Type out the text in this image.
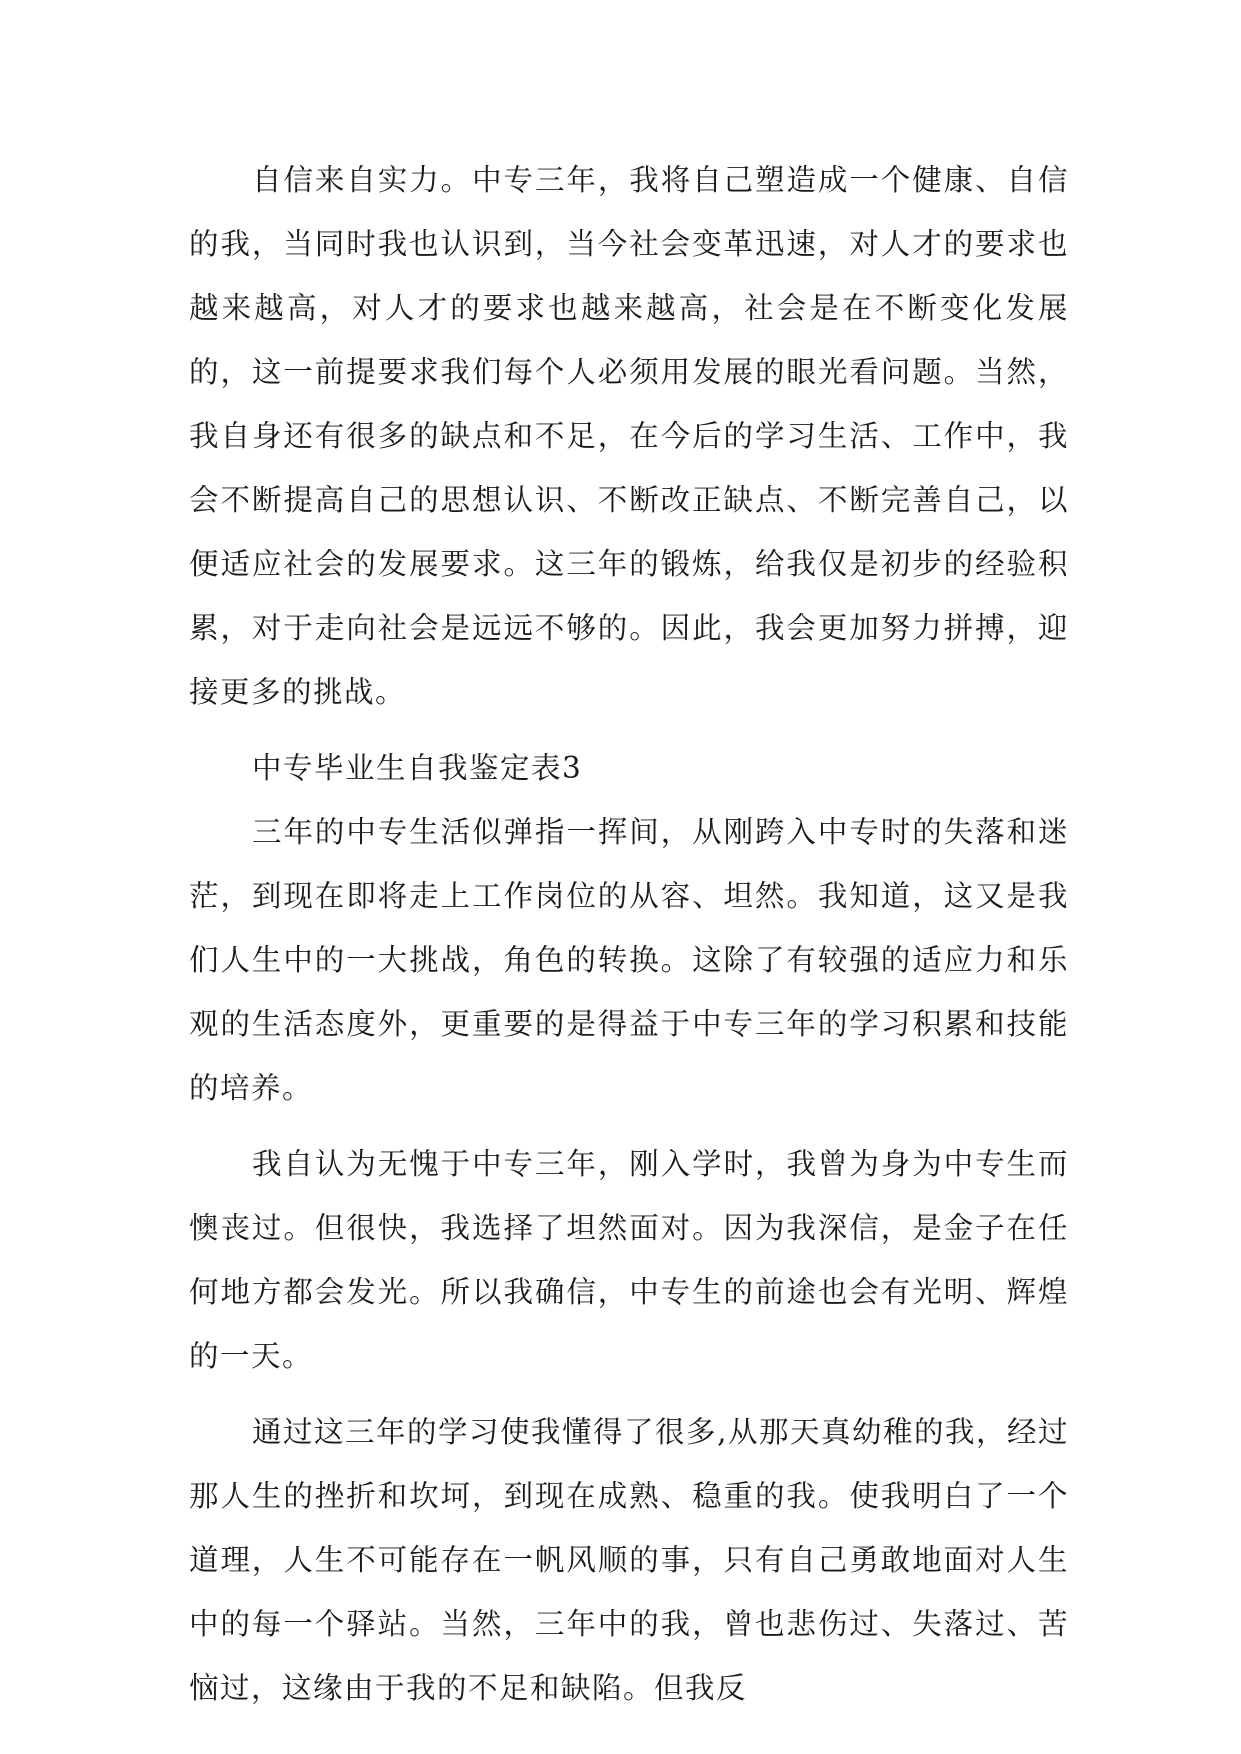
自信来自实力。中专三年，我将自己塑造成一个健康、自信的我，当同时我也认识到，当今社会变革迅速，对人才的要求也越来越高，对人才的要求也越来越高，社会是在不断变化发展的，这一前提要求我们每个人必须用发展的眼光看问题。当然，我自身还有很多的缺点和不足，在今后的学习生活、工作中，我会不断提高自己的思想认识、不断改正缺点、不断完善自己，以便适应社会的发展要求。这三年的锻炼，给我仅是初步的经验积累，对于走向社会是远远不够的。因此，我会更加努力拼搏，迎接更多的挑战。

中专毕业生自我鉴定表3

三年的中专生活似弹指一挥间，从刚跨入中专时的失落和迷茫，到现在即将走上工作岗位的从容、坦然。我知道，这又是我们人生中的一大挑战，角色的转换。这除了有较强的适应力和乐观的生活态度外，更重要的是得益于中专三年的学习积累和技能的培养。

我自认为无愧于中专三年，刚入学时，我曾为身为中专生而懊丧过。但很快，我选择了坦然面对。因为我深信，是金子在任何地方都会发光。所以我确信，中专生的前途也会有光明、辉煌的一天。

通过这三年的学习使我懂得了很多,从那天真幼稚的我，经过那人生的挫折和坎坷，到现在成熟、稳重的我。使我明白了一个道理，人生不可能存在一帆风顺的事，只有自己勇敢地面对人生中的每一个驿站。当然，三年中的我，曾也悲伤过、失落过、苦恼过，这缘由于我的不足和缺陷。但我反
